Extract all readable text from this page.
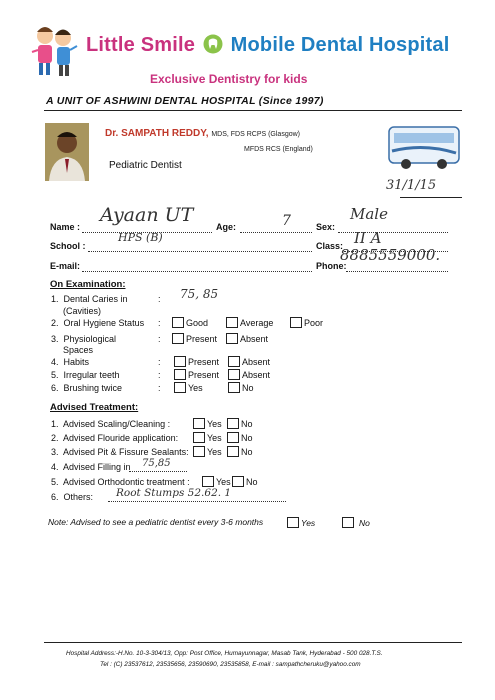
Little Smile Mobile Dental Hospital
Exclusive Dentistry for kids
A UNIT OF ASHWINI DENTAL HOSPITAL (Since 1997)
Dr. SAMPATH REDDY, MDS, FDS RCPS (Glasgow)
MFDS RCS (England)
Pediatric Dentist
31/1/15
Name :
Ayaan UT
Age:	7	Sex:
Male
School :
HPS (B)
Class: II A
E-mail:	Phone:
8885559000.
On Examination:
1. Dental Caries in
(Cavities)
: 75, 85
2. Oral Hygiene Status :	Good	Average	Poor
3. Physiological
Spaces
:	Present	Absent
4. Habits	:	Present	Absent
5. Irregular teeth	:	Present	Absent
6. Brushing twice	:	Yes	No
Advised Treatment:
1. Advised Scaling/Cleaning :	Yes	No
2. Advised Flouride application:	Yes	No
3. Advised Pit & Fissure Sealants:	Yes	No
4. Advised Filling in 75,85
5. Advised Orthodontic treatment :	Yes	No
6. Others: Root Stumps 52.62. 1
Note: Advised to see a pediatric dentist every 3-6 months	Yes	No
Hospital Address:-H.No. 10-3-304/13, Opp: Post Office, Humayunnagar, Masab Tank, Hyderabad - 500 028.T.S.
Tel : (C) 23537612, 23535656, 23590690, 23535858, E-mail : sampathcheruku@yahoo.com
